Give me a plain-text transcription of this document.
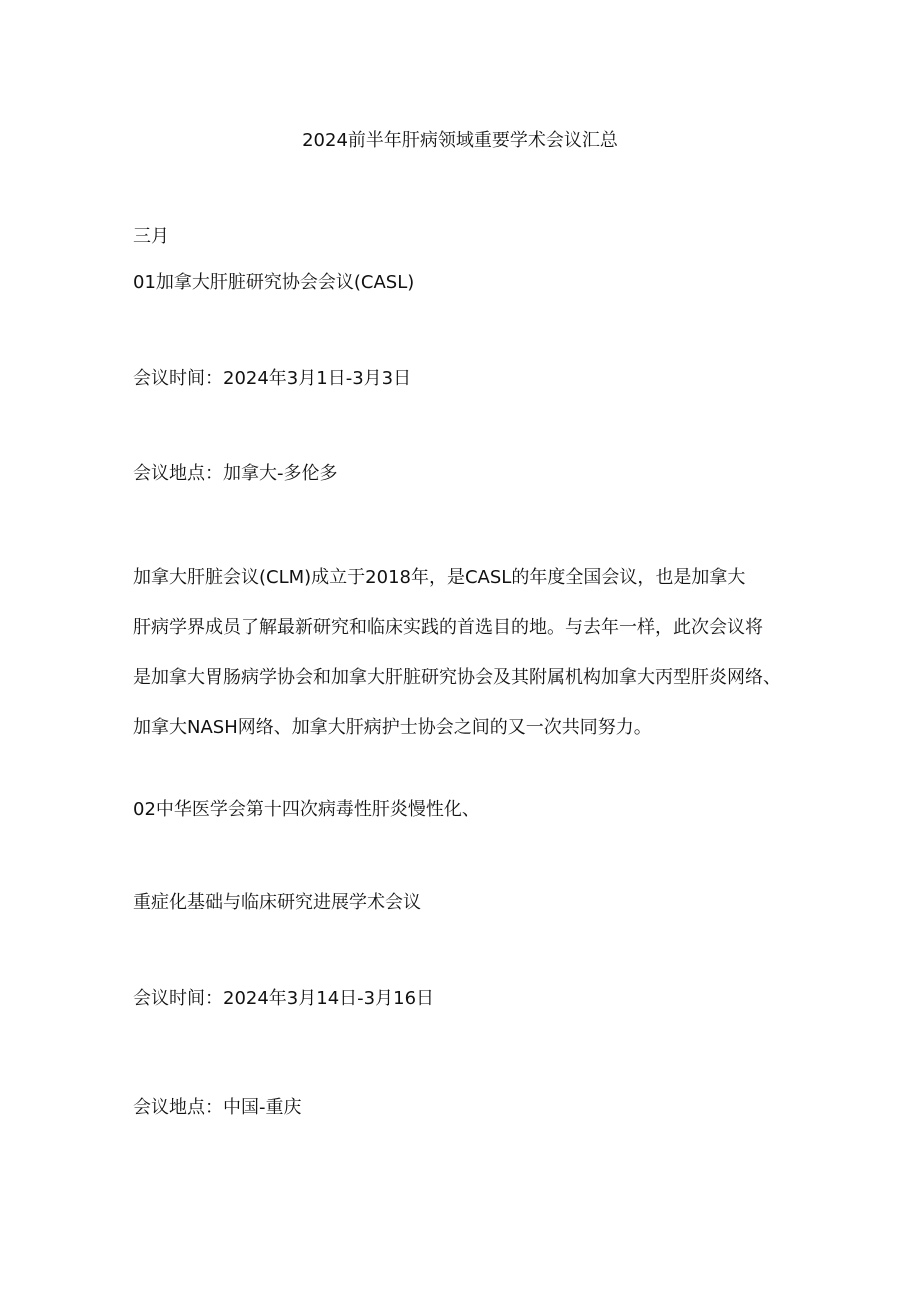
2024前半年肝病领域重要学术会议汇总
三月
01加拿大肝脏研究协会会议(CASL)
会议时间：2024年3月1日-3月3日
会议地点：加拿大-多伦多
加拿大肝脏会议(CLM)成立于2018年，是CASL的年度全国会议，也是加拿大
肝病学界成员了解最新研究和临床实践的首选目的地。与去年一样，此次会议将
是加拿大胃肠病学协会和加拿大肝脏研究协会及其附属机构加拿大丙型肝炎网络、
加拿大NASH网络、加拿大肝病护士协会之间的又一次共同努力。
02中华医学会第十四次病毒性肝炎慢性化、
重症化基础与临床研究进展学术会议
会议时间：2024年3月14日-3月16日
会议地点：中国-重庆
